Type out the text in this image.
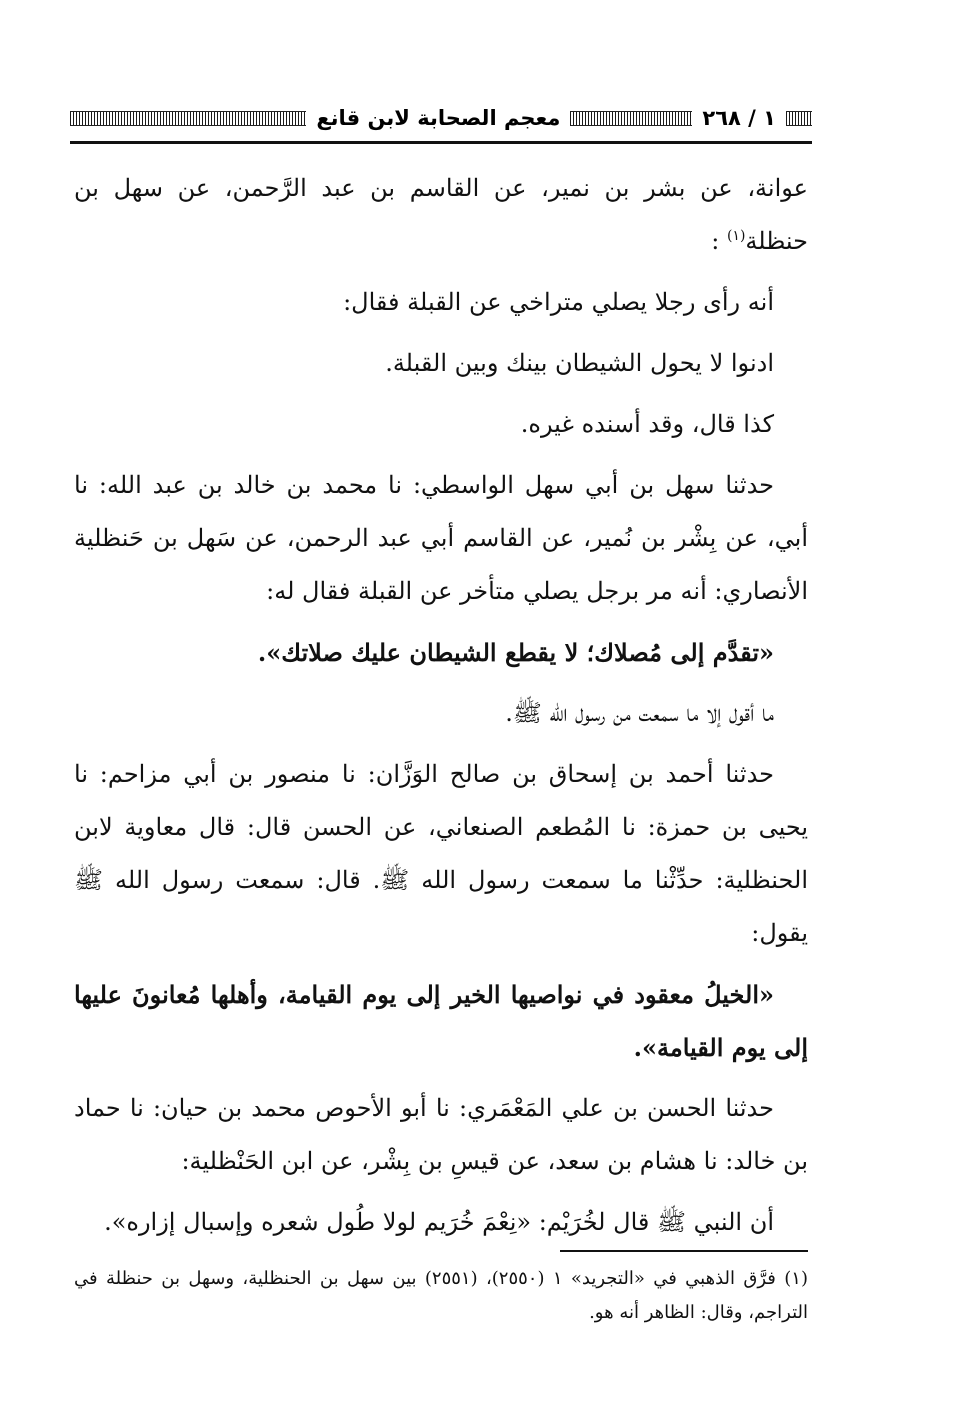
١ / ٢٦٨
معجم الصحابة لابن قانع

عوانة، عن بشر بن نمير، عن القاسم بن عبد الرَّحمن، عن سهل بن حنظلة$^{(١)}$ :

أنه رأى رجلا يصلي متراخي عن القبلة فقال:

ادنوا لا يحول الشيطان بينك وبين القبلة.

كذا قال، وقد أسنده غيره.

حدثنا سهل بن أبي سهل الواسطي: نا محمد بن خالد بن عبد الله: نا أبي، عن بِشْر بن نُمير، عن القاسم أبي عبد الرحمن، عن سَهل بن حَنظلية الأنصاري: أنه مر برجل يصلي متأخر عن القبلة فقال له:

«تقدَّم إلى مُصلاك؛ لا يقطع الشيطان عليك صلاتك».

ما أقول إلا ما سمعت من رسول الله ﷺ.

حدثنا أحمد بن إسحاق بن صالح الوَزَّان: نا منصور بن أبي مزاحم: نا يحيى بن حمزة: نا المُطعم الصنعاني، عن الحسن قال: قال معاوية لابن الحنظلية: حدِّثْنا ما سمعت رسول الله ﷺ. قال: سمعت رسول الله ﷺ يقول:

«الخيلُ معقود في نواصيها الخير إلى يوم القيامة، وأهلها مُعانونَ عليها إلى يوم القيامة».

حدثنا الحسن بن علي المَعْمَري: نا أبو الأحوص محمد بن حيان: نا حماد بن خالد: نا هشام بن سعد، عن قيسِ بن بِشْر، عن ابن الحَنْظلية:

أن النبي ﷺ قال لخُرَيْم: «نِعْمَ خُرَيم لولا طُول شعره وإسبال إزاره».

(١) فرَّق الذهبي في «التجريد» ١ (٢٥٥٠)، (٢٥٥١) بين سهل بن الحنظلية، وسهل بن حنظلة في التراجم، وقال: الظاهر أنه هو.
